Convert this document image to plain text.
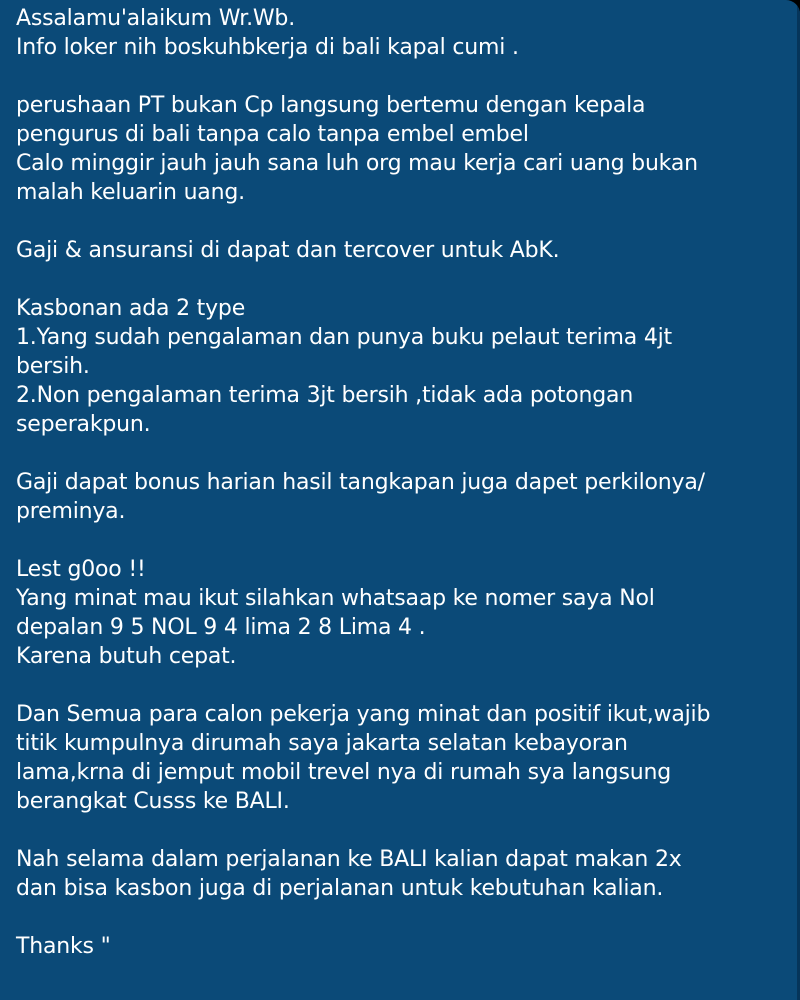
Assalamu'alaikum Wr.Wb.
Info loker nih boskuhbkerja di bali kapal cumi .
perushaan PT bukan Cp langsung bertemu dengan kepala
pengurus di bali tanpa calo tanpa embel embel
Calo minggir jauh jauh sana luh org mau kerja cari uang bukan
malah keluarin uang.
Gaji & ansuransi di dapat dan tercover untuk AbK.
Kasbonan ada 2 type
1.Yang sudah pengalaman dan punya buku pelaut terima 4jt
bersih.
2.Non pengalaman terima 3jt bersih ,tidak ada potongan
seperakpun.
Gaji dapat bonus harian hasil tangkapan juga dapet perkilonya/
preminya.
Lest g0oo !!
Yang minat mau ikut silahkan whatsaap ke nomer saya Nol
depalan 9 5 NOL 9 4 lima 2 8 Lima 4 .
Karena butuh cepat.
Dan Semua para calon pekerja yang minat dan positif ikut,wajib
titik kumpulnya dirumah saya jakarta selatan kebayoran
lama,krna di jemput mobil trevel nya di rumah sya langsung
berangkat Cusss ke BALI.
Nah selama dalam perjalanan ke BALI kalian dapat makan 2x
dan bisa kasbon juga di perjalanan untuk kebutuhan kalian.
Thanks "
